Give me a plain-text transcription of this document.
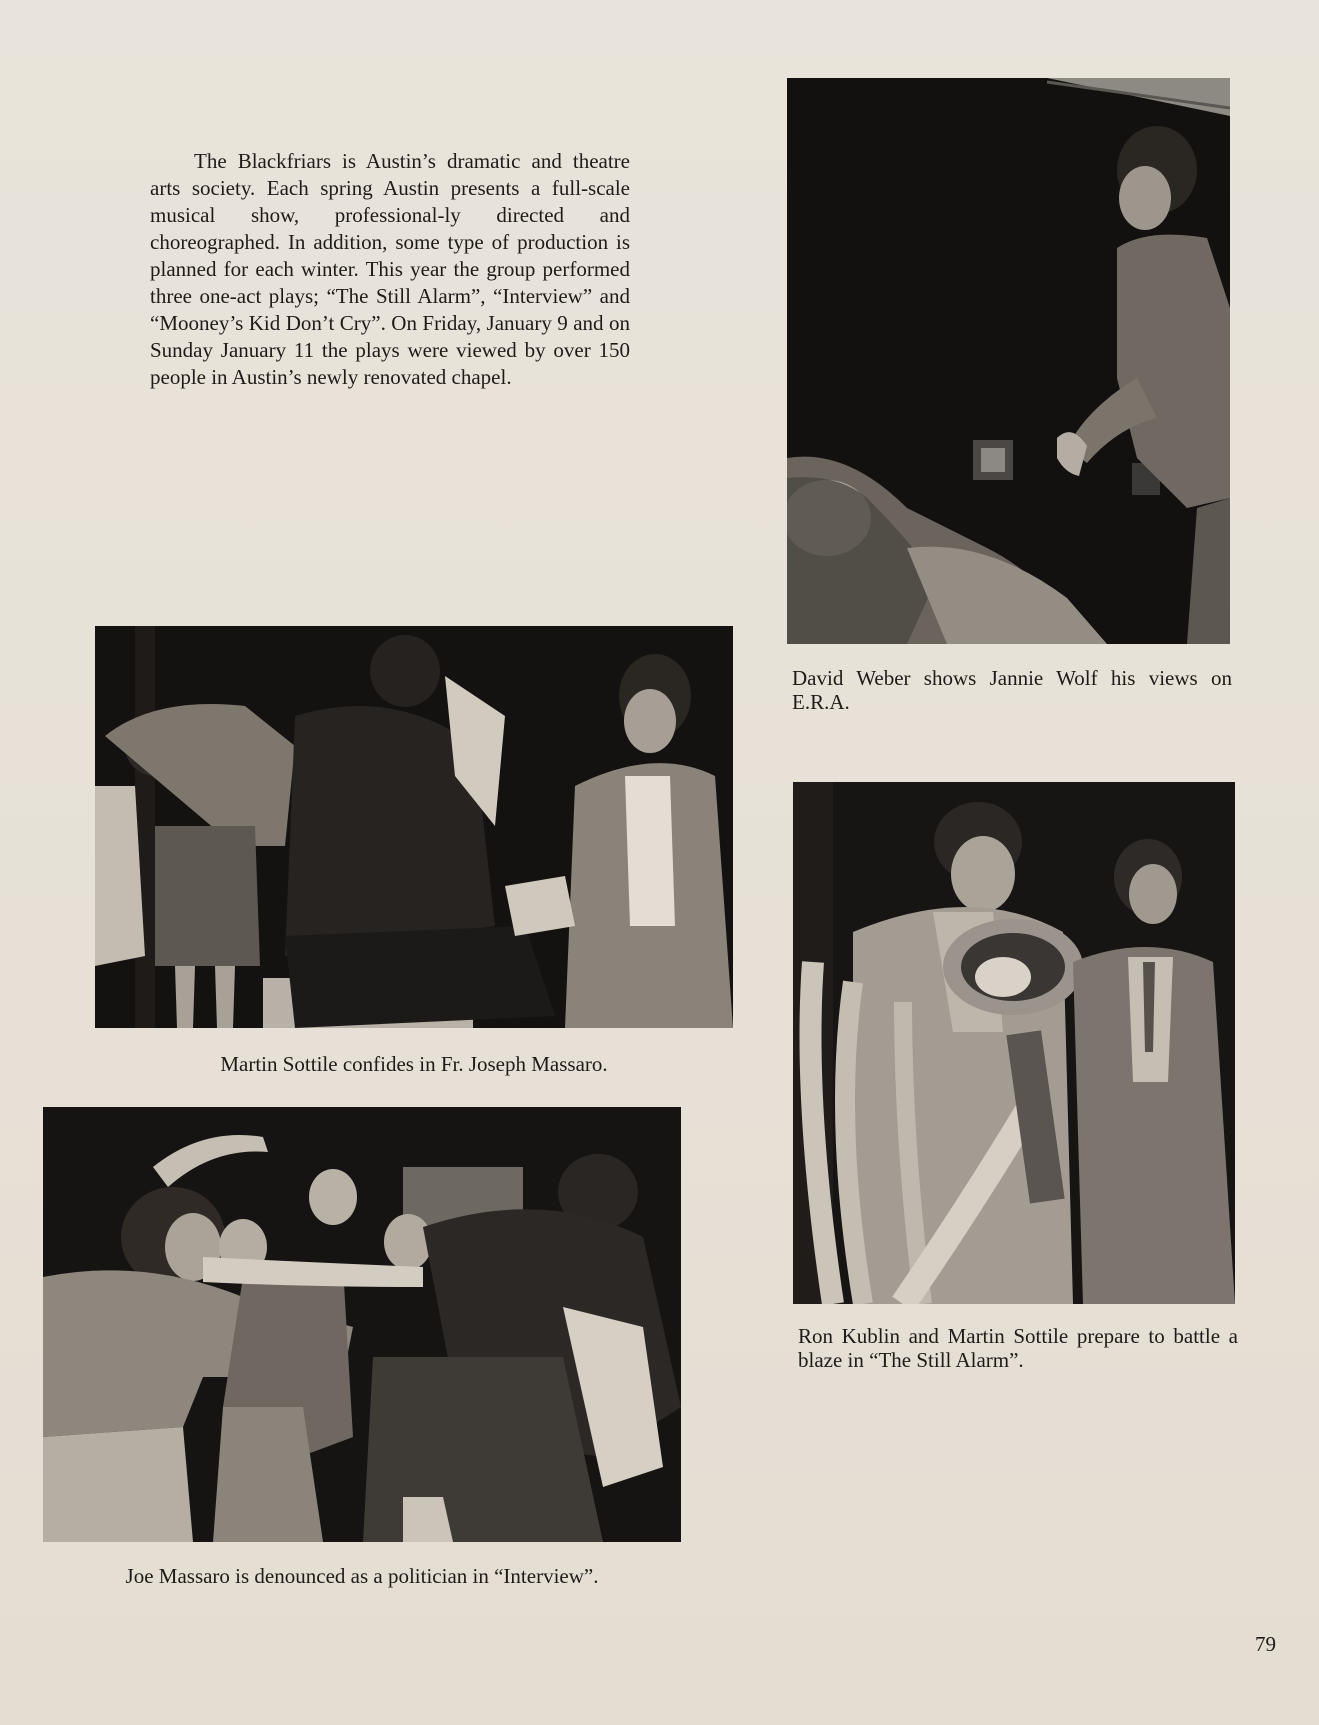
The Blackfriars is Austin’s dramatic and theatre arts society. Each spring Austin presents a full-scale musical show, professional-ly directed and choreographed. In addition, some type of production is planned for each winter. This year the group performed three one-act plays; “The Still Alarm”, “Interview” and “Mooney’s Kid Don’t Cry”. On Friday, January 9 and on Sunday January 11 the plays were viewed by over 150 people in Austin’s newly renovated chapel.

David Weber shows Jannie Wolf his views on E.R.A.

Martin Sottile confides in Fr. Joseph Massaro.

Ron Kublin and Martin Sottile prepare to battle a blaze in “The Still Alarm”.

Joe Massaro is denounced as a politician in “Interview”.

79
